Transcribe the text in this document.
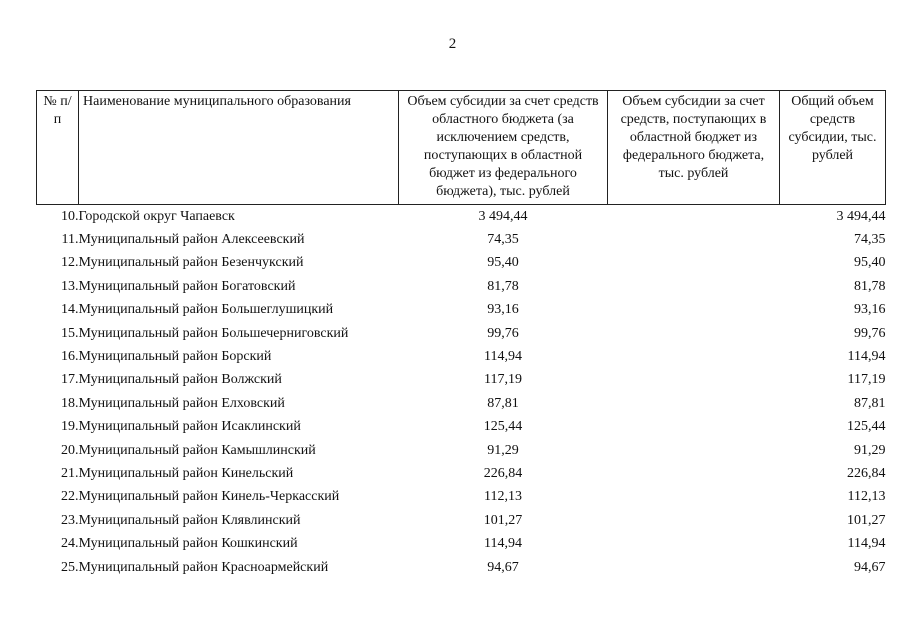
2
№ п/п	Наименование муниципального образования	Объем субсидии за счет средств областного бюджета (за исключением средств, поступающих в областной бюджет из федерального бюджета), тыс. рублей	Объем субсидии за счет средств, поступающих в областной бюджет из федерального бюджета, тыс. рублей	Общий объем средств субсидии, тыс. рублей
10.	Городской округ Чапаевск	3 494,44		3 494,44
11.	Муниципальный район Алексеевский	74,35		74,35
12.	Муниципальный район Безенчукский	95,40		95,40
13.	Муниципальный район Богатовский	81,78		81,78
14.	Муниципальный район Большеглушицкий	93,16		93,16
15.	Муниципальный район Большечерниговский	99,76		99,76
16.	Муниципальный район Борский	114,94		114,94
17.	Муниципальный район Волжский	117,19		117,19
18.	Муниципальный район Елховский	87,81		87,81
19.	Муниципальный район Исаклинский	125,44		125,44
20.	Муниципальный район Камышлинский	91,29		91,29
21.	Муниципальный район Кинельский	226,84		226,84
22.	Муниципальный район Кинель-Черкасский	112,13		112,13
23.	Муниципальный район Клявлинский	101,27		101,27
24.	Муниципальный район Кошкинский	114,94		114,94
25.	Муниципальный район Красноармейский	94,67		94,67
